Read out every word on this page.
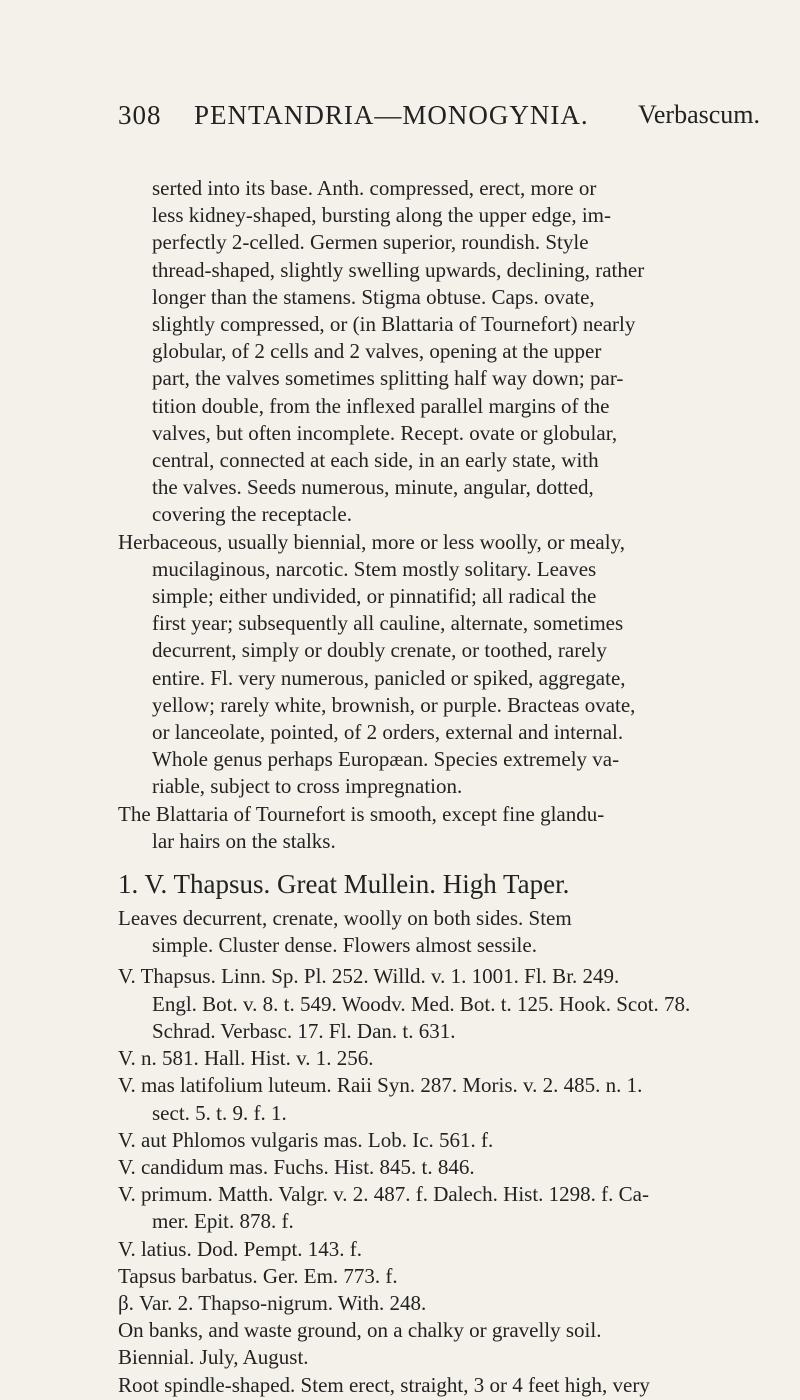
308 PENTANDRIA—MONOGYNIA. Verbascum.
serted into its base. Anth. compressed, erect, more or
less kidney-shaped, bursting along the upper edge, im-
perfectly 2-celled. Germen superior, roundish. Style
thread-shaped, slightly swelling upwards, declining, rather
longer than the stamens. Stigma obtuse. Caps. ovate,
slightly compressed, or (in Blattaria of Tournefort) nearly
globular, of 2 cells and 2 valves, opening at the upper
part, the valves sometimes splitting half way down; par-
tition double, from the inflexed parallel margins of the
valves, but often incomplete. Recept. ovate or globular,
central, connected at each side, in an early state, with
the valves. Seeds numerous, minute, angular, dotted,
covering the receptacle.
Herbaceous, usually biennial, more or less woolly, or mealy,
mucilaginous, narcotic. Stem mostly solitary. Leaves
simple; either undivided, or pinnatifid; all radical the
first year; subsequently all cauline, alternate, sometimes
decurrent, simply or doubly crenate, or toothed, rarely
entire. Fl. very numerous, panicled or spiked, aggregate,
yellow; rarely white, brownish, or purple. Bracteas ovate,
or lanceolate, pointed, of 2 orders, external and internal.
Whole genus perhaps Europæan. Species extremely va-
riable, subject to cross impregnation.
The Blattaria of Tournefort is smooth, except fine glandu-
lar hairs on the stalks.
1. V. Thapsus. Great Mullein. High Taper.
Leaves decurrent, crenate, woolly on both sides. Stem
simple. Cluster dense. Flowers almost sessile.
V. Thapsus. Linn. Sp. Pl. 252. Willd. v. 1. 1001. Fl. Br. 249.
Engl. Bot. v. 8. t. 549. Woodv. Med. Bot. t. 125. Hook. Scot. 78.
Schrad. Verbasc. 17. Fl. Dan. t. 631.
V. n. 581. Hall. Hist. v. 1. 256.
V. mas latifolium luteum. Raii Syn. 287. Moris. v. 2. 485. n. 1.
sect. 5. t. 9. f. 1.
V. aut Phlomos vulgaris mas. Lob. Ic. 561. f.
V. candidum mas. Fuchs. Hist. 845. t. 846.
V. primum. Matth. Valgr. v. 2. 487. f. Dalech. Hist. 1298. f. Ca-
mer. Epit. 878. f.
V. latius. Dod. Pempt. 143. f.
Tapsus barbatus. Ger. Em. 773. f.
β. Var. 2. Thapso-nigrum. With. 248.
On banks, and waste ground, on a chalky or gravelly soil.
Biennial. July, August.
Root spindle-shaped. Stem erect, straight, 3 or 4 feet high, very
